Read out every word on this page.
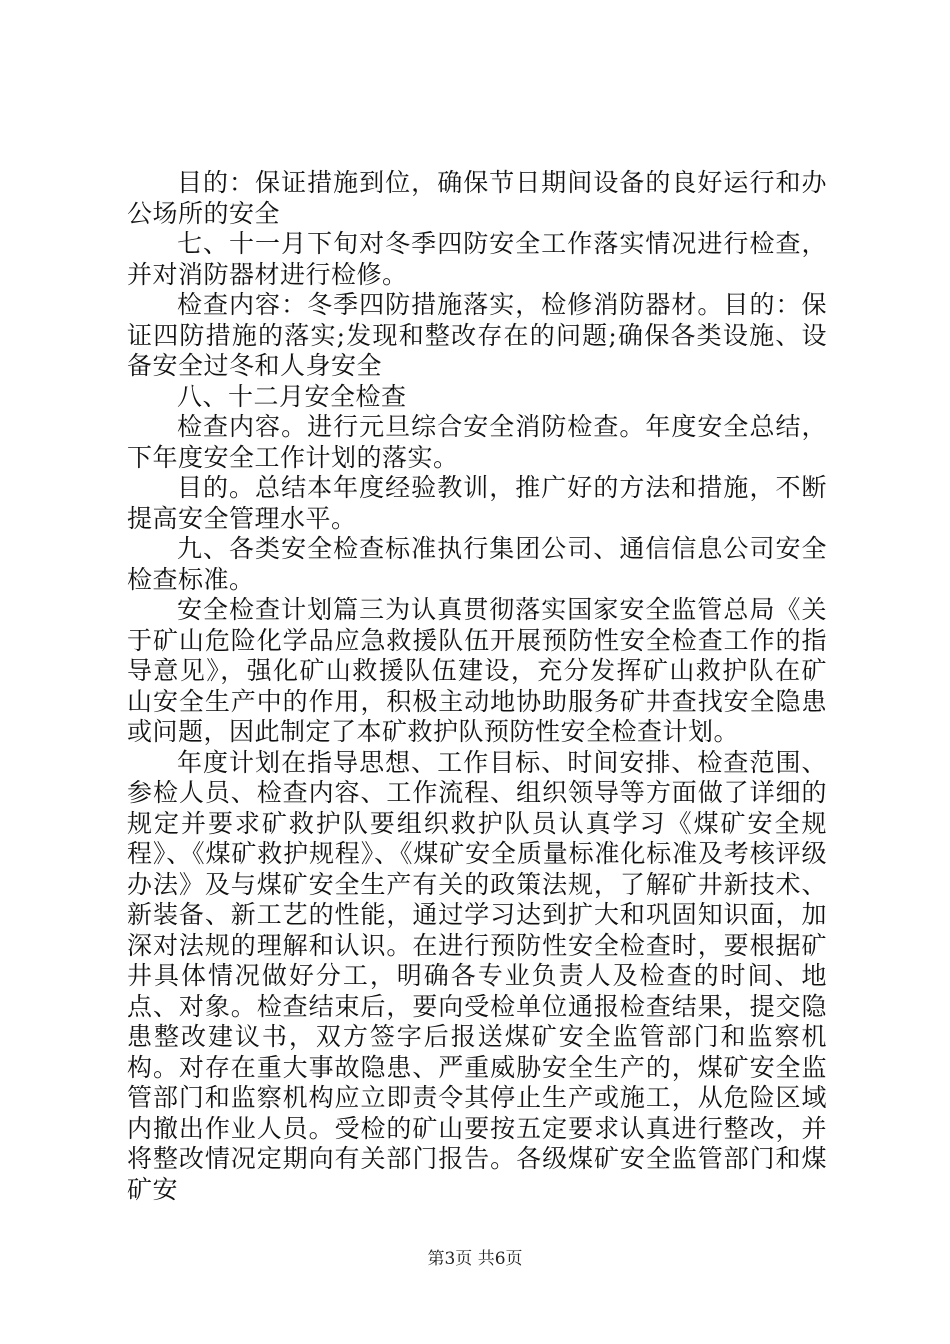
目的：保证措施到位，确保节日期间设备的良好运行和办公场所的安全

七、十一月下旬对冬季四防安全工作落实情况进行检查，并对消防器材进行检修。

检查内容：冬季四防措施落实，检修消防器材。目的：保证四防措施的落实;发现和整改存在的问题;确保各类设施、设备安全过冬和人身安全

八、十二月安全检查

检查内容。进行元旦综合安全消防检查。年度安全总结，下年度安全工作计划的落实。

目的。总结本年度经验教训，推广好的方法和措施，不断提高安全管理水平。

九、各类安全检查标准执行集团公司、通信信息公司安全检查标准。

安全检查计划篇三为认真贯彻落实国家安全监管总局《关于矿山危险化学品应急救援队伍开展预防性安全检查工作的指导意见》，强化矿山救援队伍建设，充分发挥矿山救护队在矿山安全生产中的作用，积极主动地协助服务矿井查找安全隐患或问题，因此制定了本矿救护队预防性安全检查计划。

年度计划在指导思想、工作目标、时间安排、检查范围、参检人员、检查内容、工作流程、组织领导等方面做了详细的规定并要求矿救护队要组织救护队员认真学习《煤矿安全规程》、《煤矿救护规程》、《煤矿安全质量标准化标准及考核评级办法》及与煤矿安全生产有关的政策法规，了解矿井新技术、新装备、新工艺的性能，通过学习达到扩大和巩固知识面，加深对法规的理解和认识。在进行预防性安全检查时，要根据矿井具体情况做好分工，明确各专业负责人及检查的时间、地点、对象。检查结束后，要向受检单位通报检查结果，提交隐患整改建议书，双方签字后报送煤矿安全监管部门和监察机构。对存在重大事故隐患、严重威胁安全生产的，煤矿安全监管部门和监察机构应立即责令其停止生产或施工，从危险区域内撤出作业人员。受检的矿山要按五定要求认真进行整改，并将整改情况定期向有关部门报告。各级煤矿安全监管部门和煤矿安

第3页 共6页
